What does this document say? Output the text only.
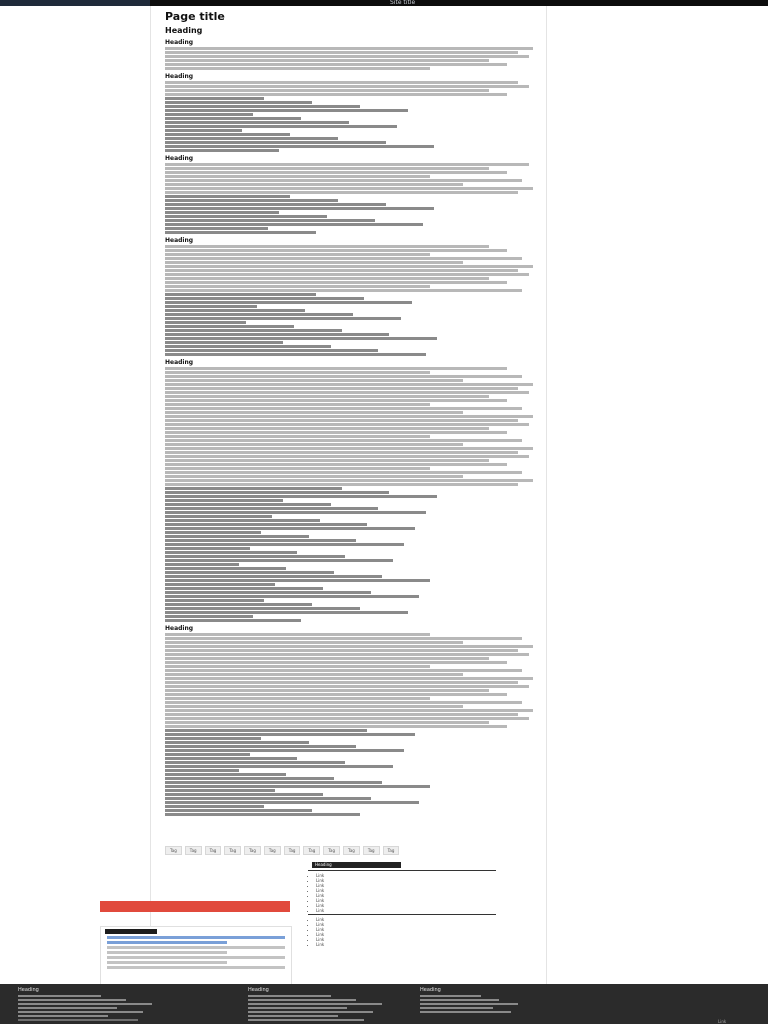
Site title
Page title
Heading
Heading
Heading
Heading
Heading
Heading
Heading
Tag	Tag	Tag	Tag	Tag	Tag	Tag	Tag	Tag	Tag	Tag	Tag
Heading
• Link
• Link
• Link
• Link
• Link
• Link
• Link
• Link
• Link
• Link
• Link
• Link
• Link
• Link
Heading	Heading	Heading
Link
